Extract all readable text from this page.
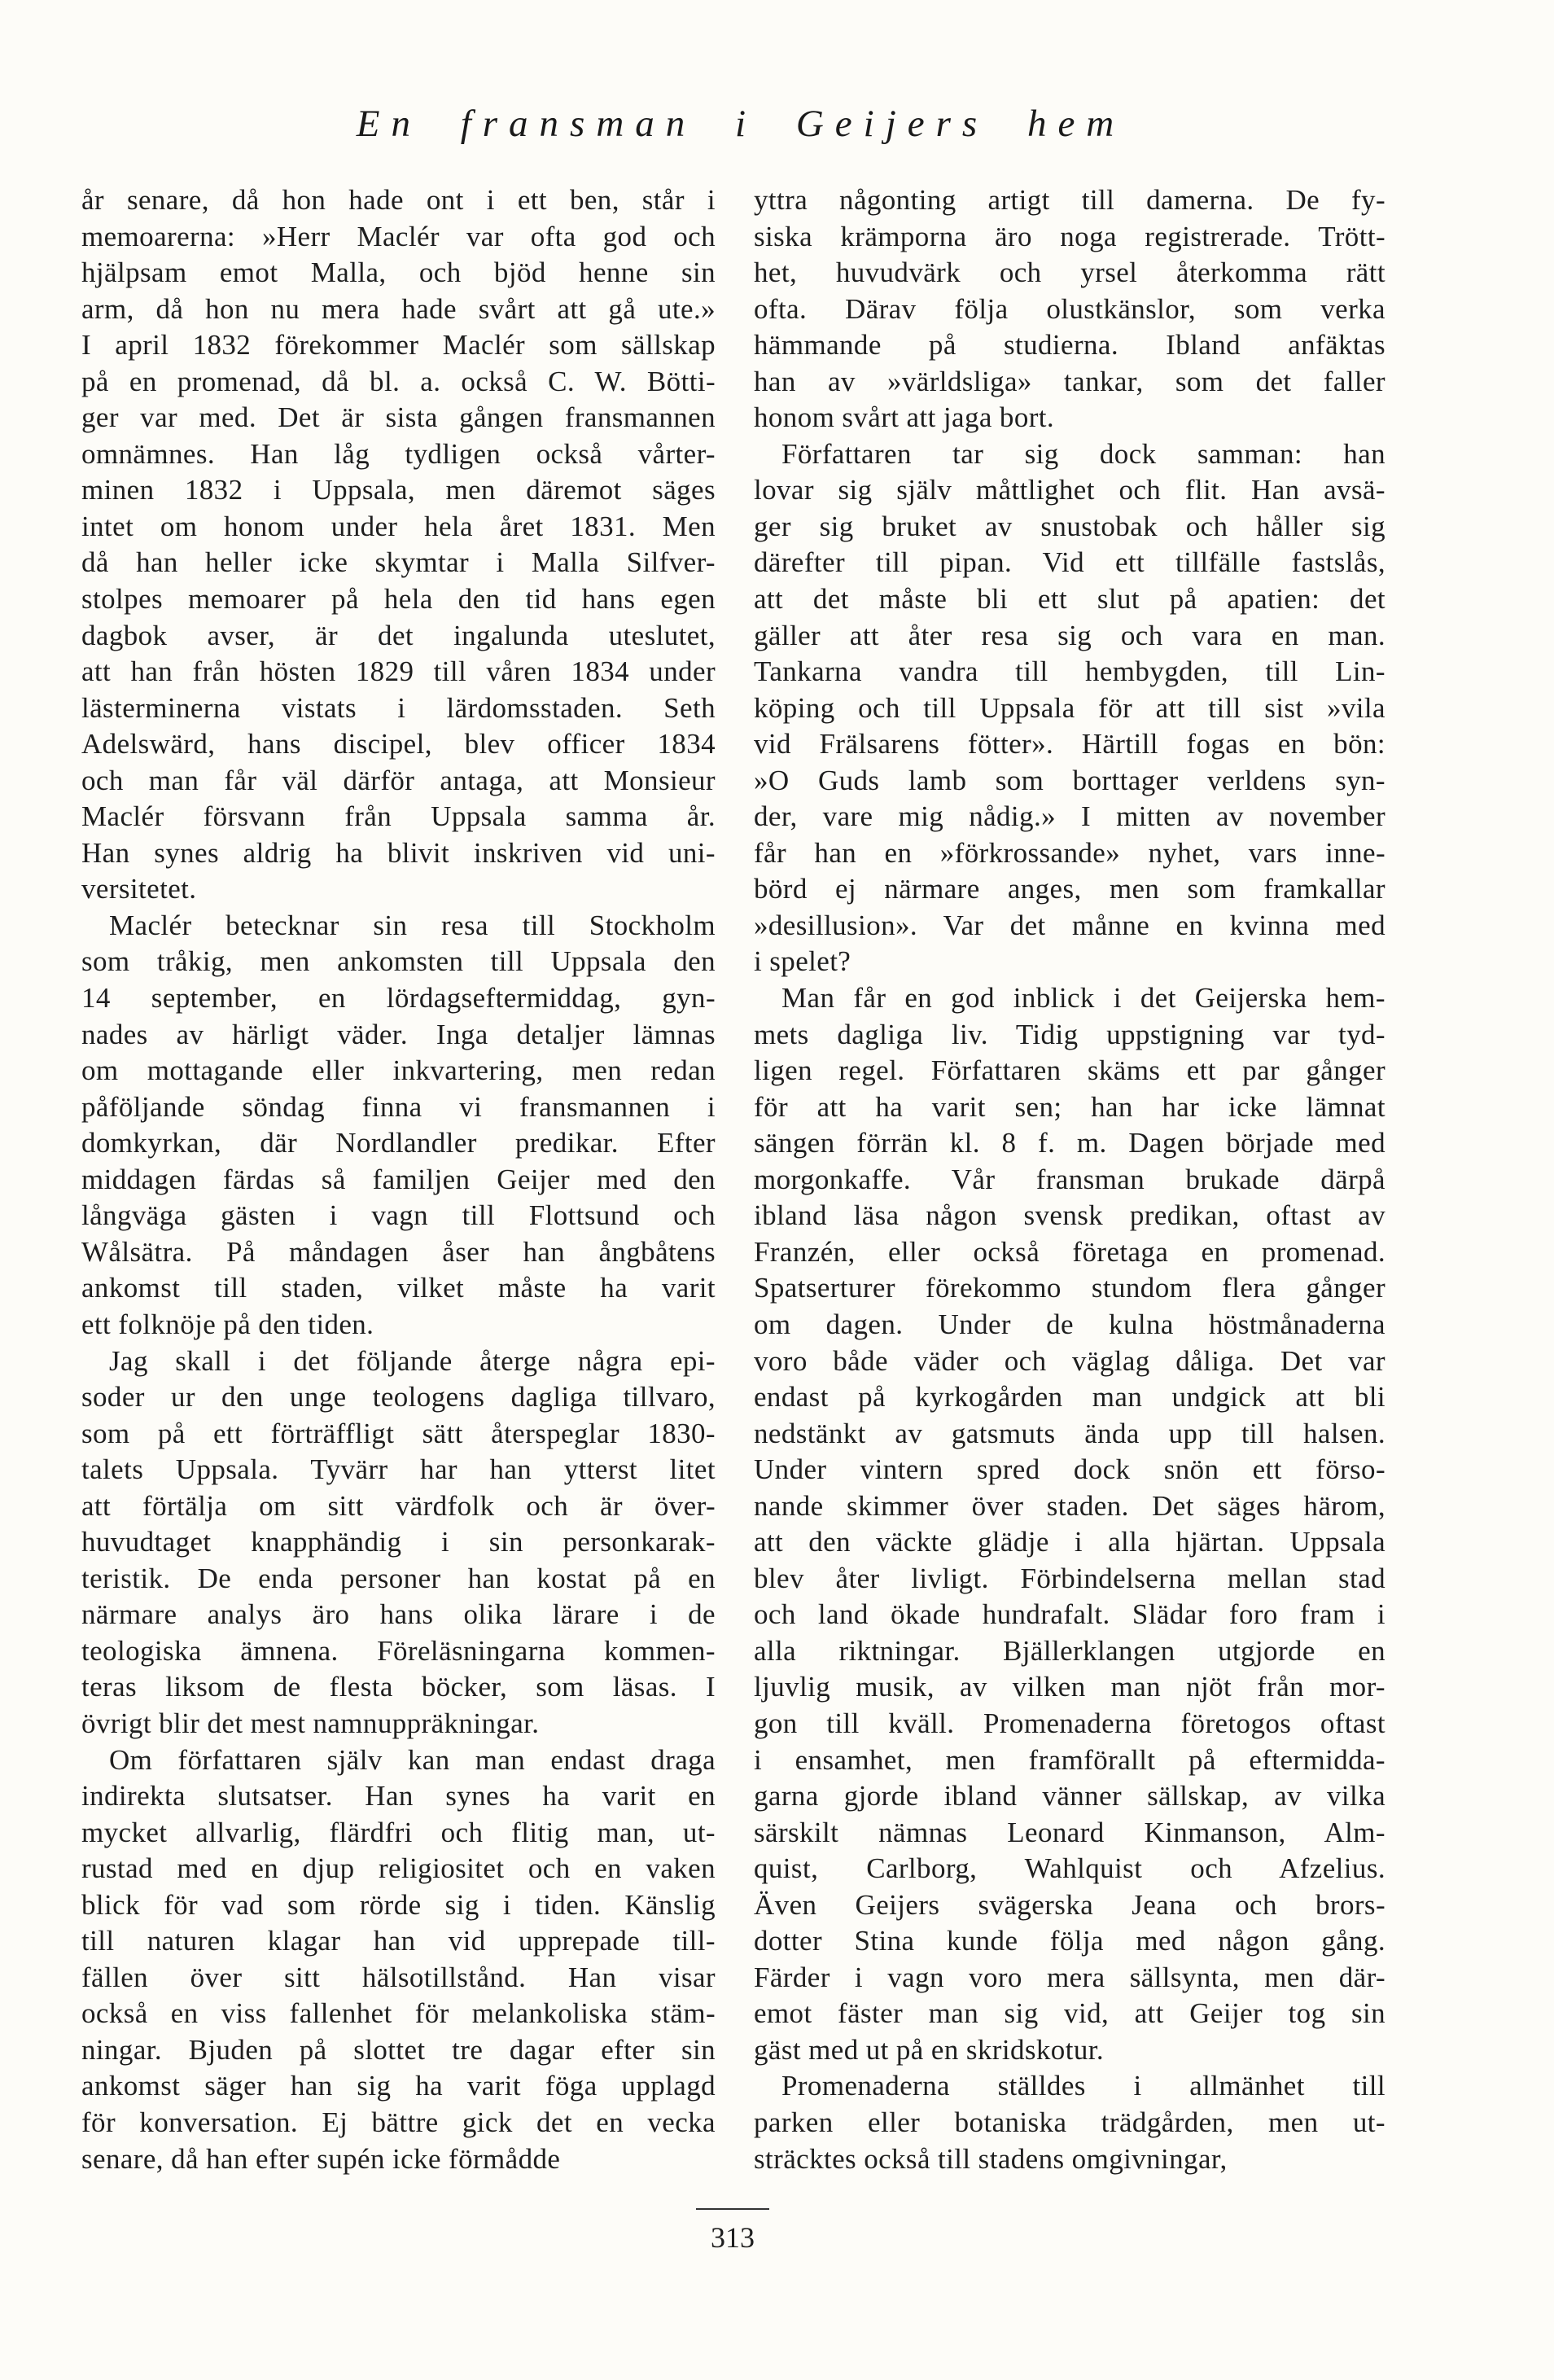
En fransman i Geijers hem
år senare, då hon hade ont i ett ben, står i
memoarerna: »Herr Maclér var ofta god och
hjälpsam emot Malla, och bjöd henne sin
arm, då hon nu mera hade svårt att gå ute.»
I april 1832 förekommer Maclér som sällskap
på en promenad, då bl. a. också C. W. Bötti-
ger var med. Det är sista gången fransmannen
omnämnes. Han låg tydligen också vårter-
minen 1832 i Uppsala, men däremot säges
intet om honom under hela året 1831. Men
då han heller icke skymtar i Malla Silfver-
stolpes memoarer på hela den tid hans egen
dagbok avser, är det ingalunda uteslutet,
att han från hösten 1829 till våren 1834 under
lästerminerna vistats i lärdomsstaden. Seth
Adelswärd, hans discipel, blev officer 1834
och man får väl därför antaga, att Monsieur
Maclér försvann från Uppsala samma år.
Han synes aldrig ha blivit inskriven vid uni-
versitetet.
Maclér betecknar sin resa till Stockholm
som tråkig, men ankomsten till Uppsala den
14 september, en lördagseftermiddag, gyn-
nades av härligt väder. Inga detaljer lämnas
om mottagande eller inkvartering, men redan
påföljande söndag finna vi fransmannen i
domkyrkan, där Nordlandler predikar. Efter
middagen färdas så familjen Geijer med den
långväga gästen i vagn till Flottsund och
Wålsätra. På måndagen åser han ångbåtens
ankomst till staden, vilket måste ha varit
ett folknöje på den tiden.
Jag skall i det följande återge några epi-
soder ur den unge teologens dagliga tillvaro,
som på ett förträffligt sätt återspeglar 1830-
talets Uppsala. Tyvärr har han ytterst litet
att förtälja om sitt värdfolk och är över-
huvudtaget knapphändig i sin personkarak-
teristik. De enda personer han kostat på en
närmare analys äro hans olika lärare i de
teologiska ämnena. Föreläsningarna kommen-
teras liksom de flesta böcker, som läsas. I
övrigt blir det mest namnuppräkningar.
Om författaren själv kan man endast draga
indirekta slutsatser. Han synes ha varit en
mycket allvarlig, flärdfri och flitig man, ut-
rustad med en djup religiositet och en vaken
blick för vad som rörde sig i tiden. Känslig
till naturen klagar han vid upprepade till-
fällen över sitt hälsotillstånd. Han visar
också en viss fallenhet för melankoliska stäm-
ningar. Bjuden på slottet tre dagar efter sin
ankomst säger han sig ha varit föga upplagd
för konversation. Ej bättre gick det en vecka
senare, då han efter supén icke förmådde
yttra någonting artigt till damerna. De fy-
siska krämporna äro noga registrerade. Trött-
het, huvudvärk och yrsel återkomma rätt
ofta. Därav följa olustkänslor, som verka
hämmande på studierna. Ibland anfäktas
han av »världsliga» tankar, som det faller
honom svårt att jaga bort.
Författaren tar sig dock samman: han
lovar sig själv måttlighet och flit. Han avsä-
ger sig bruket av snustobak och håller sig
därefter till pipan. Vid ett tillfälle fastslås,
att det måste bli ett slut på apatien: det
gäller att åter resa sig och vara en man.
Tankarna vandra till hembygden, till Lin-
köping och till Uppsala för att till sist »vila
vid Frälsarens fötter». Härtill fogas en bön:
»O Guds lamb som borttager verldens syn-
der, vare mig nådig.» I mitten av november
får han en »förkrossande» nyhet, vars inne-
börd ej närmare anges, men som framkallar
»desillusion». Var det månne en kvinna med
i spelet?
Man får en god inblick i det Geijerska hem-
mets dagliga liv. Tidig uppstigning var tyd-
ligen regel. Författaren skäms ett par gånger
för att ha varit sen; han har icke lämnat
sängen förrän kl. 8 f. m. Dagen började med
morgonkaffe. Vår fransman brukade därpå
ibland läsa någon svensk predikan, oftast av
Franzén, eller också företaga en promenad.
Spatserturer förekommo stundom flera gånger
om dagen. Under de kulna höstmånaderna
voro både väder och väglag dåliga. Det var
endast på kyrkogården man undgick att bli
nedstänkt av gatsmuts ända upp till halsen.
Under vintern spred dock snön ett förso-
nande skimmer över staden. Det säges härom,
att den väckte glädje i alla hjärtan. Uppsala
blev åter livligt. Förbindelserna mellan stad
och land ökade hundrafalt. Slädar foro fram i
alla riktningar. Bjällerklangen utgjorde en
ljuvlig musik, av vilken man njöt från mor-
gon till kväll. Promenaderna företogos oftast
i ensamhet, men framförallt på eftermidda-
garna gjorde ibland vänner sällskap, av vilka
särskilt nämnas Leonard Kinmanson, Alm-
quist, Carlborg, Wahlquist och Afzelius.
Även Geijers svägerska Jeana och brors-
dotter Stina kunde följa med någon gång.
Färder i vagn voro mera sällsynta, men där-
emot fäster man sig vid, att Geijer tog sin
gäst med ut på en skridskotur.
Promenaderna ställdes i allmänhet till
parken eller botaniska trädgården, men ut-
sträcktes också till stadens omgivningar,
313
